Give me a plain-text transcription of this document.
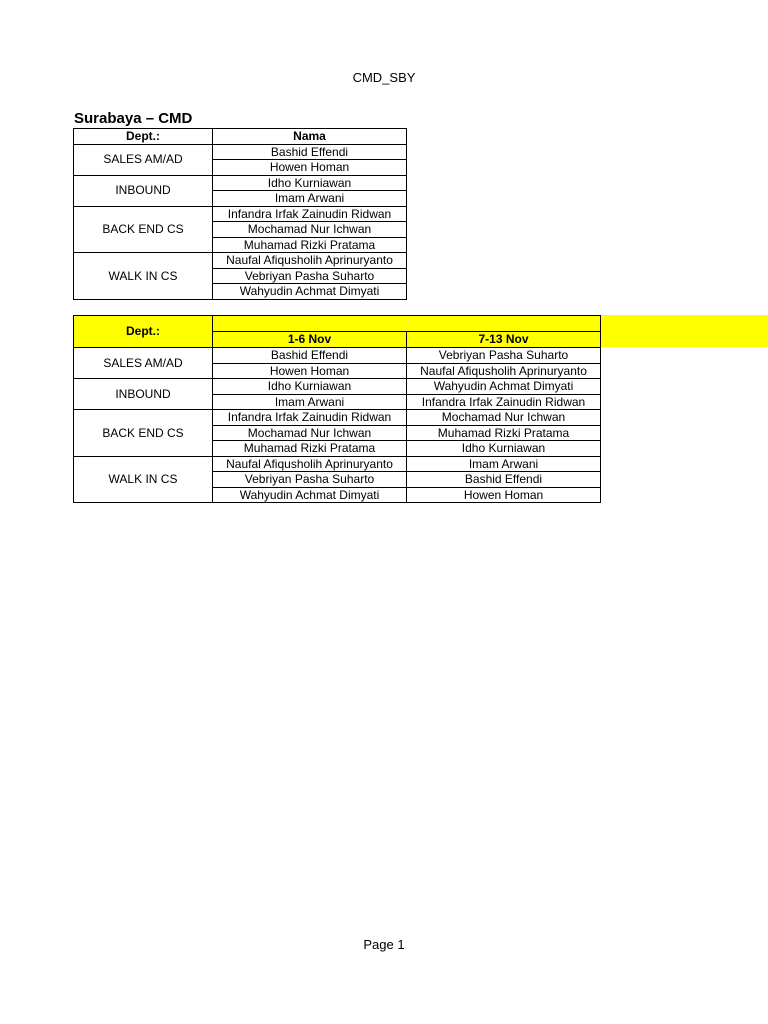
CMD_SBY
Surabaya – CMD
Dept.:	Nama
SALES AM/AD	Bashid Effendi
	Howen Homan
INBOUND	Idho Kurniawan
	Imam Arwani
BACK END CS	Infandra Irfak Zainudin Ridwan
	Mochamad Nur Ichwan
	Muhamad Rizki Pratama
WALK IN CS	Naufal Afiqusholih Aprinuryanto
	Vebriyan Pasha Suharto
	Wahyudin Achmat Dimyati
Dept.:		
	1-6 Nov	7-13 Nov
SALES AM/AD	Bashid Effendi	Vebriyan Pasha Suharto
	Howen Homan	Naufal Afiqusholih Aprinuryanto
INBOUND	Idho Kurniawan	Wahyudin Achmat Dimyati
	Imam Arwani	Infandra Irfak Zainudin Ridwan
BACK END CS	Infandra Irfak Zainudin Ridwan	Mochamad Nur Ichwan
	Mochamad Nur Ichwan	Muhamad Rizki Pratama
	Muhamad Rizki Pratama	Idho Kurniawan
WALK IN CS	Naufal Afiqusholih Aprinuryanto	Imam Arwani
	Vebriyan Pasha Suharto	Bashid Effendi
	Wahyudin Achmat Dimyati	Howen Homan
Page 1
